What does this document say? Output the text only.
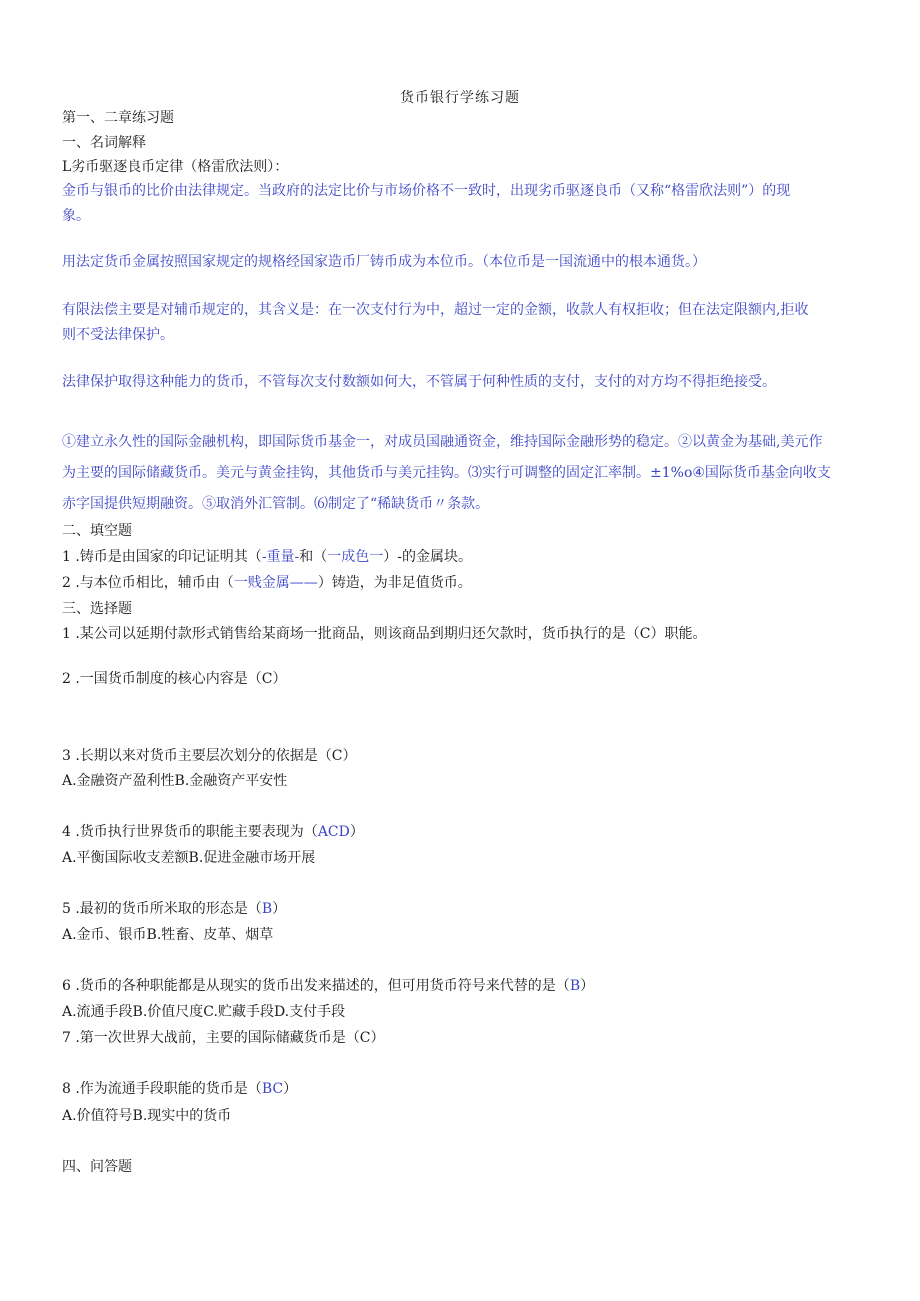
货币银行学练习题
第一、二章练习题
一、名词解释
L劣币驱逐良币定律（格雷欣法则）：
金币与银币的比价由法律规定。当政府的法定比价与市场价格不一致时，出现劣币驱逐良币（又称“格雷欣法则”）的现
象。
用法定货币金属按照国家规定的规格经国家造币厂铸币成为本位币。（本位币是一国流通中的根本通货。）
有限法偿主要是对辅币规定的，其含义是：在一次支付行为中，超过一定的金额，收款人有权拒收；但在法定限额内,拒收
则不受法律保护。
法律保护取得这种能力的货币，不管每次支付数额如何大，不管属于何种性质的支付，支付的对方均不得拒绝接受。
①建立永久性的国际金融机构，即国际货币基金一，对成员国融通资金，维持国际金融形势的稳定。②以黄金为基础,美元作
为主要的国际储藏货币。美元与黄金挂钩，其他货币与美元挂钩。⑶实行可调整的固定汇率制。±1%o④国际货币基金向收支
赤字国提供短期融资。⑤取消外汇管制。⑹制定了“稀缺货币〃条款。
二、填空题
1 .铸币是由国家的印记证明其（-重量-和（一成色一）-的金属块。
2 .与本位币相比，辅币由（一贱金属——）铸造，为非足值货币。
三、选择题
1 .某公司以延期付款形式销售给某商场一批商品，则该商品到期归还欠款时，货币执行的是（C）职能。
2 .一国货币制度的核心内容是（C）
3 .长期以来对货币主要层次划分的依据是（C）
A.金融资产盈利性B.金融资产平安性
4 .货币执行世界货币的职能主要表现为（ACD）
A.平衡国际收支差额B.促进金融市场开展
5 .最初的货币所米取的形态是（B）
A.金币、银币B.牲畜、皮革、烟草
6 .货币的各种职能都是从现实的货币出发来描述的，但可用货币符号来代替的是（B）
A.流通手段B.价值尺度C.贮藏手段D.支付手段
7 .第一次世界大战前，主要的国际储藏货币是（C）
8 .作为流通手段职能的货币是（BC）
A.价值符号B.现实中的货币
四、问答题
